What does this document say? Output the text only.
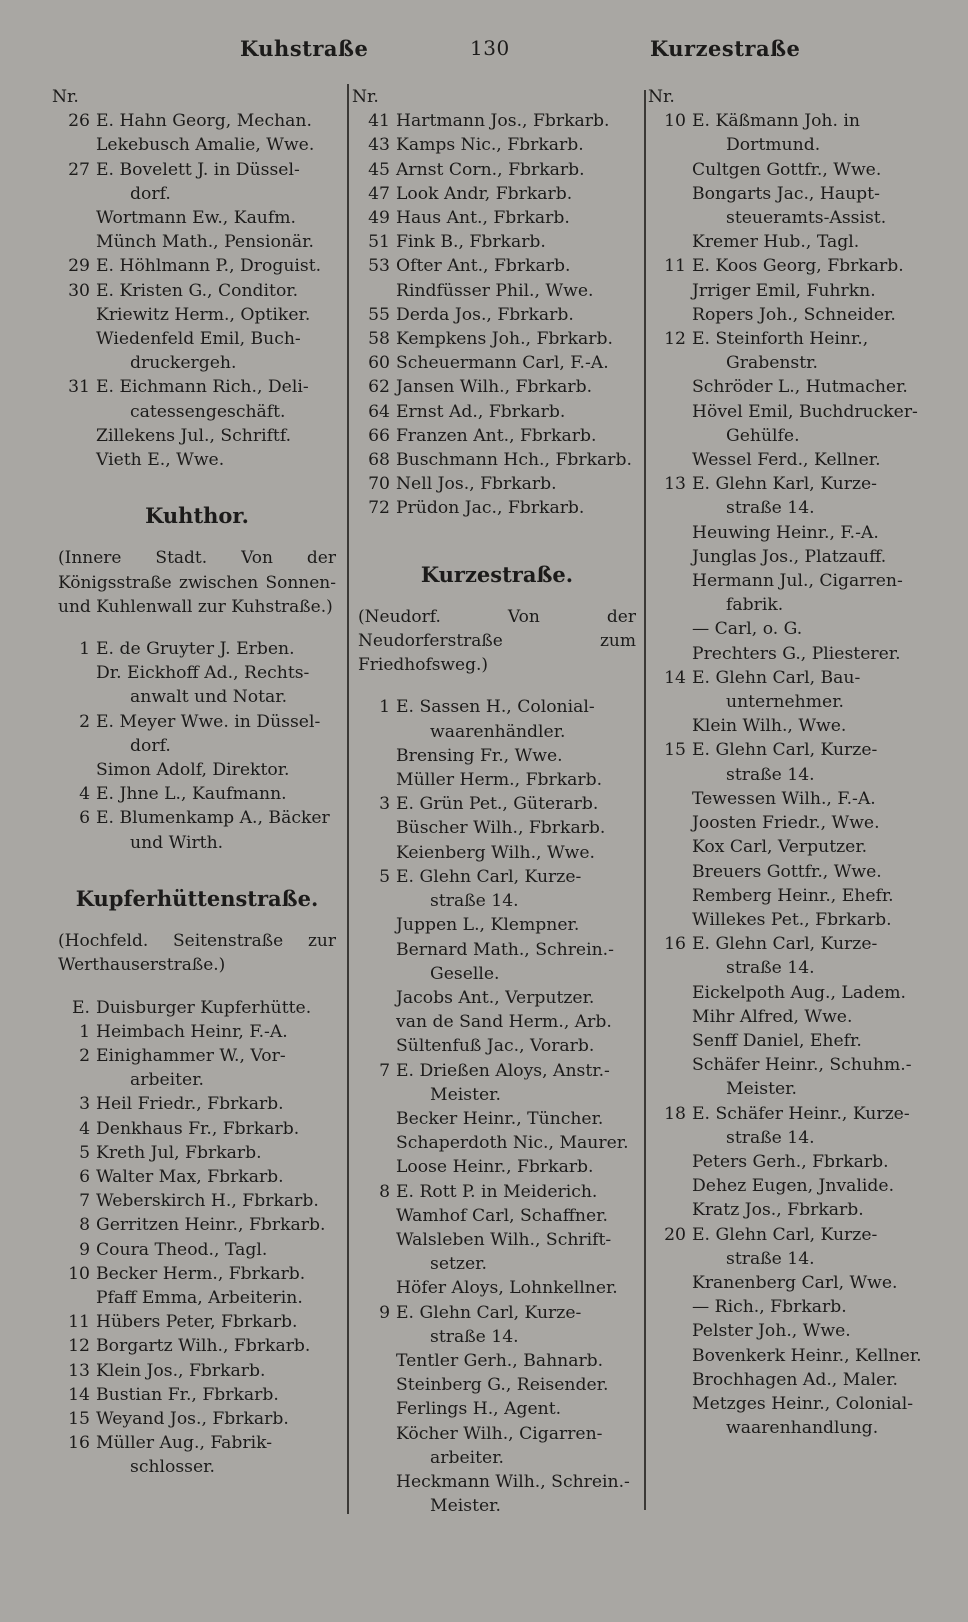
Kuhstraße	130	Kurzestraße
Nr.
26 E. Hahn Georg, Mechan.
Lekebusch Amalie, Wwe.
27 E. Bovelett J. in Düssel-
dorf.
Wortmann Ew., Kaufm.
Münch Math., Pensionär.
29 E. Höhlmann P., Droguist.
30 E. Kristen G., Conditor.
Kriewitz Herm., Optiker.
Wiedenfeld Emil, Buch-
druckergeh.
31 E. Eichmann Rich., Deli-
catessengeschäft.
Zillekens Jul., Schriftf.
Vieth E., Wwe.
Kuhthor.
(Innere Stadt. Von der Königsstraße zwischen Sonnen- und Kuhlenwall zur Kuhstraße.)
1 E. de Gruyter J. Erben.
Dr. Eickhoff Ad., Rechts-
anwalt und Notar.
2 E. Meyer Wwe. in Düssel-
dorf.
Simon Adolf, Direktor.
4 E. Jhne L., Kaufmann.
6 E. Blumenkamp A., Bäcker
und Wirth.
Kupferhüttenstraße.
(Hochfeld. Seitenstraße zur Werthauserstraße.)
E. Duisburger Kupferhütte.
1 Heimbach Heinr, F.-A.
2 Einighammer W., Vor-
arbeiter.
3 Heil Friedr., Fbrkarb.
4 Denkhaus Fr., Fbrkarb.
5 Kreth Jul, Fbrkarb.
6 Walter Max, Fbrkarb.
7 Weberskirch H., Fbrkarb.
8 Gerritzen Heinr., Fbrkarb.
9 Coura Theod., Tagl.
10 Becker Herm., Fbrkarb.
Pfaff Emma, Arbeiterin.
11 Hübers Peter, Fbrkarb.
12 Borgartz Wilh., Fbrkarb.
13 Klein Jos., Fbrkarb.
14 Bustian Fr., Fbrkarb.
15 Weyand Jos., Fbrkarb.
16 Müller Aug., Fabrik-
schlosser.
Nr.
41 Hartmann Jos., Fbrkarb.
43 Kamps Nic., Fbrkarb.
45 Arnst Corn., Fbrkarb.
47 Look Andr, Fbrkarb.
49 Haus Ant., Fbrkarb.
51 Fink B., Fbrkarb.
53 Ofter Ant., Fbrkarb.
Rindfüsser Phil., Wwe.
55 Derda Jos., Fbrkarb.
58 Kempkens Joh., Fbrkarb.
60 Scheuermann Carl, F.-A.
62 Jansen Wilh., Fbrkarb.
64 Ernst Ad., Fbrkarb.
66 Franzen Ant., Fbrkarb.
68 Buschmann Hch., Fbrkarb.
70 Nell Jos., Fbrkarb.
72 Prüdon Jac., Fbrkarb.
Kurzestraße.
(Neudorf. Von der Neudorferstraße zum Friedhofsweg.)
1 E. Sassen H., Colonial-
waarenhändler.
Brensing Fr., Wwe.
Müller Herm., Fbrkarb.
3 E. Grün Pet., Güterarb.
Büscher Wilh., Fbrkarb.
Keienberg Wilh., Wwe.
5 E. Glehn Carl, Kurze-
straße 14.
Juppen L., Klempner.
Bernard Math., Schrein.-
Geselle.
Jacobs Ant., Verputzer.
van de Sand Herm., Arb.
Sültenfuß Jac., Vorarb.
7 E. Drießen Aloys, Anstr.-
Meister.
Becker Heinr., Tüncher.
Schaperdoth Nic., Maurer.
Loose Heinr., Fbrkarb.
8 E. Rott P. in Meiderich.
Wamhof Carl, Schaffner.
Walsleben Wilh., Schrift-
setzer.
Höfer Aloys, Lohnkellner.
9 E. Glehn Carl, Kurze-
straße 14.
Tentler Gerh., Bahnarb.
Steinberg G., Reisender.
Ferlings H., Agent.
Köcher Wilh., Cigarren-
arbeiter.
Heckmann Wilh., Schrein.-
Meister.
Nr.
10 E. Käßmann Joh. in
Dortmund.
Cultgen Gottfr., Wwe.
Bongarts Jac., Haupt-
steueramts-Assist.
Kremer Hub., Tagl.
11 E. Koos Georg, Fbrkarb.
Jrriger Emil, Fuhrkn.
Ropers Joh., Schneider.
12 E. Steinforth Heinr.,
Grabenstr.
Schröder L., Hutmacher.
Hövel Emil, Buchdrucker-
Gehülfe.
Wessel Ferd., Kellner.
13 E. Glehn Karl, Kurze-
straße 14.
Heuwing Heinr., F.-A.
Junglas Jos., Platzauff.
Hermann Jul., Cigarren-
fabrik.
— Carl, o. G.
Prechters G., Pliesterer.
14 E. Glehn Carl, Bau-
unternehmer.
Klein Wilh., Wwe.
15 E. Glehn Carl, Kurze-
straße 14.
Tewessen Wilh., F.-A.
Joosten Friedr., Wwe.
Kox Carl, Verputzer.
Breuers Gottfr., Wwe.
Remberg Heinr., Ehefr.
Willekes Pet., Fbrkarb.
16 E. Glehn Carl, Kurze-
straße 14.
Eickelpoth Aug., Ladem.
Mihr Alfred, Wwe.
Senff Daniel, Ehefr.
Schäfer Heinr., Schuhm.-
Meister.
18 E. Schäfer Heinr., Kurze-
straße 14.
Peters Gerh., Fbrkarb.
Dehez Eugen, Jnvalide.
Kratz Jos., Fbrkarb.
20 E. Glehn Carl, Kurze-
straße 14.
Kranenberg Carl, Wwe.
— Rich., Fbrkarb.
Pelster Joh., Wwe.
Bovenkerk Heinr., Kellner.
Brochhagen Ad., Maler.
Metzges Heinr., Colonial-
waarenhandlung.
